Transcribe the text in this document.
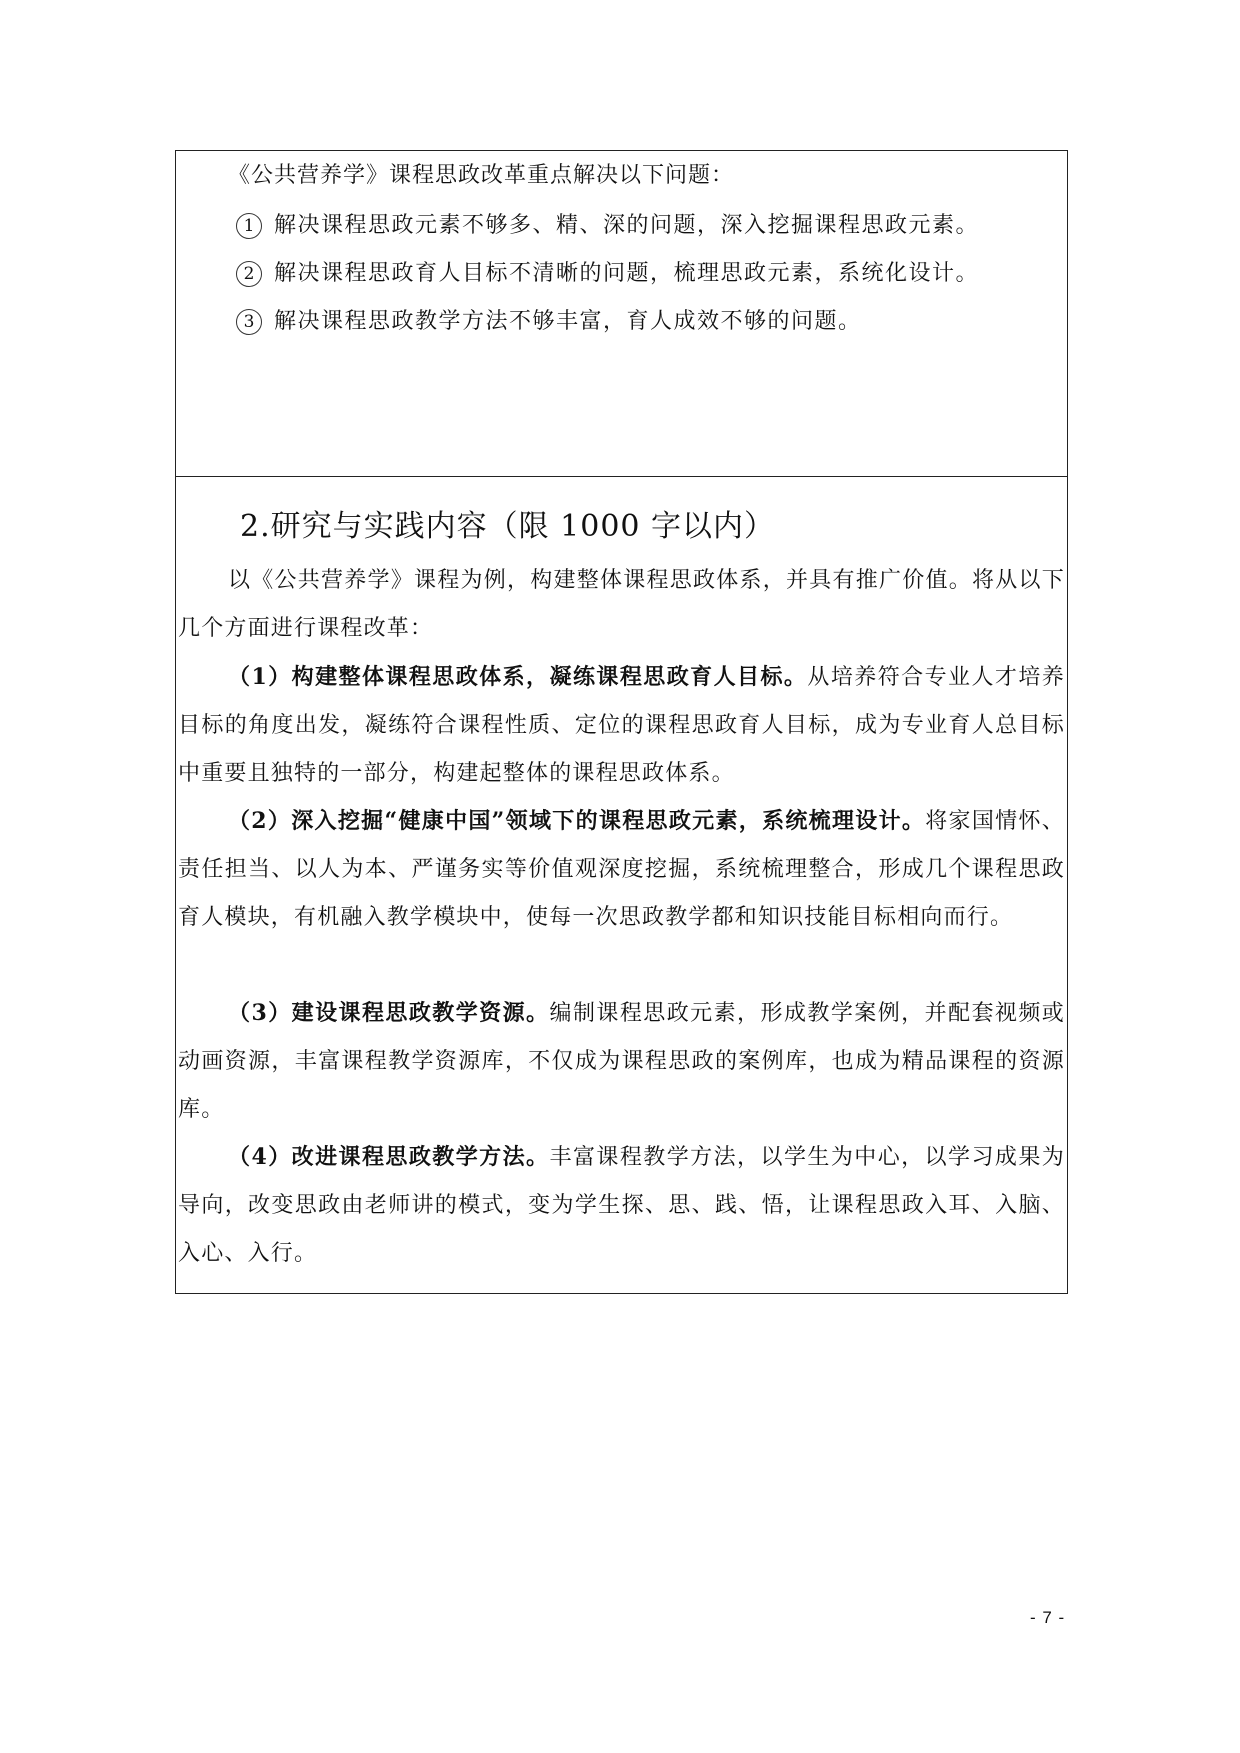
《公共营养学》课程思政改革重点解决以下问题：
1 解决课程思政元素不够多、精、深的问题，深入挖掘课程思政元素。
2 解决课程思政育人目标不清晰的问题，梳理思政元素，系统化设计。
3 解决课程思政教学方法不够丰富，育人成效不够的问题。
2.研究与实践内容（限 1000 字以内）
以《公共营养学》课程为例，构建整体课程思政体系，并具有推广价值。将从以下几个方面进行课程改革：
（1）构建整体课程思政体系，凝练课程思政育人目标。从培养符合专业人才培养目标的角度出发，凝练符合课程性质、定位的课程思政育人目标，成为专业育人总目标中重要且独特的一部分，构建起整体的课程思政体系。
（2）深入挖掘“健康中国”领域下的课程思政元素，系统梳理设计。将家国情怀、责任担当、以人为本、严谨务实等价值观深度挖掘，系统梳理整合，形成几个课程思政育人模块，有机融入教学模块中，使每一次思政教学都和知识技能目标相向而行。
（3）建设课程思政教学资源。编制课程思政元素，形成教学案例，并配套视频或动画资源，丰富课程教学资源库，不仅成为课程思政的案例库，也成为精品课程的资源库。
（4）改进课程思政教学方法。丰富课程教学方法，以学生为中心，以学习成果为导向，改变思政由老师讲的模式，变为学生探、思、践、悟，让课程思政入耳、入脑、入心、入行。
- 7 -
